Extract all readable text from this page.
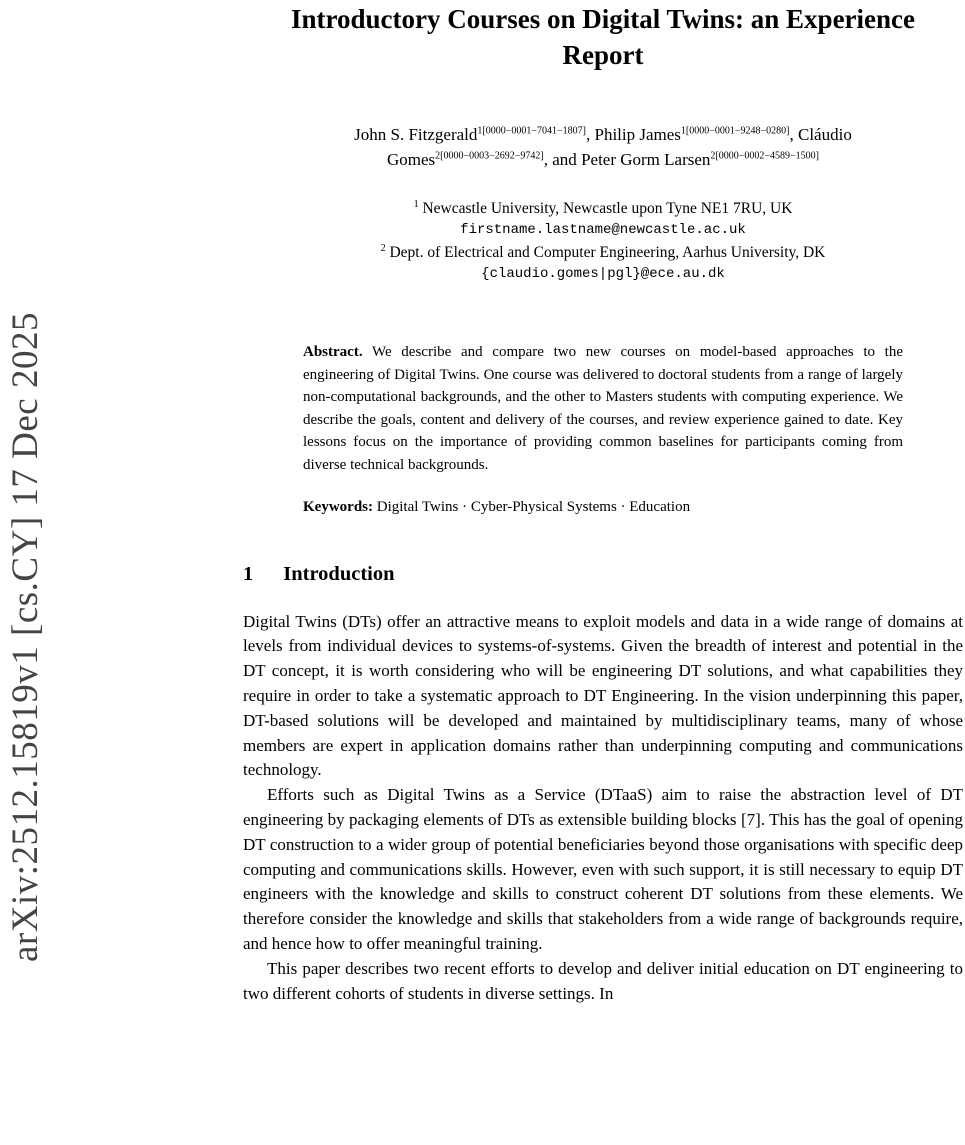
arXiv:2512.15819v1 [cs.CY] 17 Dec 2025
Introductory Courses on Digital Twins: an Experience Report

John S. Fitzgerald$^{1[0000-0001-7041-1807]}$, Philip James$^{1[0000-0001-9248-0280]}$, Cláudio Gomes$^{2[0000-0003-2692-9742]}$, and Peter Gorm Larsen$^{2[0000-0002-4589-1500]}$

$^1$ Newcastle University, Newcastle upon Tyne NE1 7RU, UK

firstname.lastname@newcastle.ac.uk

$^2$ Dept. of Electrical and Computer Engineering, Aarhus University, DK

{claudio.gomes|pgl}@ece.au.dk

Abstract. We describe and compare two new courses on model-based approaches to the engineering of Digital Twins. One course was delivered to doctoral students from a range of largely non-computational backgrounds, and the other to Masters students with computing experience. We describe the goals, content and delivery of the courses, and review experience gained to date. Key lessons focus on the importance of providing common baselines for participants coming from diverse technical backgrounds.

Keywords: Digital Twins · Cyber-Physical Systems · Education

1 Introduction

Digital Twins (DTs) offer an attractive means to exploit models and data in a wide range of domains at levels from individual devices to systems-of-systems. Given the breadth of interest and potential in the DT concept, it is worth considering who will be engineering DT solutions, and what capabilities they require in order to take a systematic approach to DT Engineering. In the vision underpinning this paper, DT-based solutions will be developed and maintained by multidisciplinary teams, many of whose members are expert in application domains rather than underpinning computing and communications technology.

Efforts such as Digital Twins as a Service (DTaaS) aim to raise the abstraction level of DT engineering by packaging elements of DTs as extensible building blocks [7]. This has the goal of opening DT construction to a wider group of potential beneficiaries beyond those organisations with specific deep computing and communications skills. However, even with such support, it is still necessary to equip DT engineers with the knowledge and skills to construct coherent DT solutions from these elements. We therefore consider the knowledge and skills that stakeholders from a wide range of backgrounds require, and hence how to offer meaningful training.

This paper describes two recent efforts to develop and deliver initial education on DT engineering to two different cohorts of students in diverse settings. In
